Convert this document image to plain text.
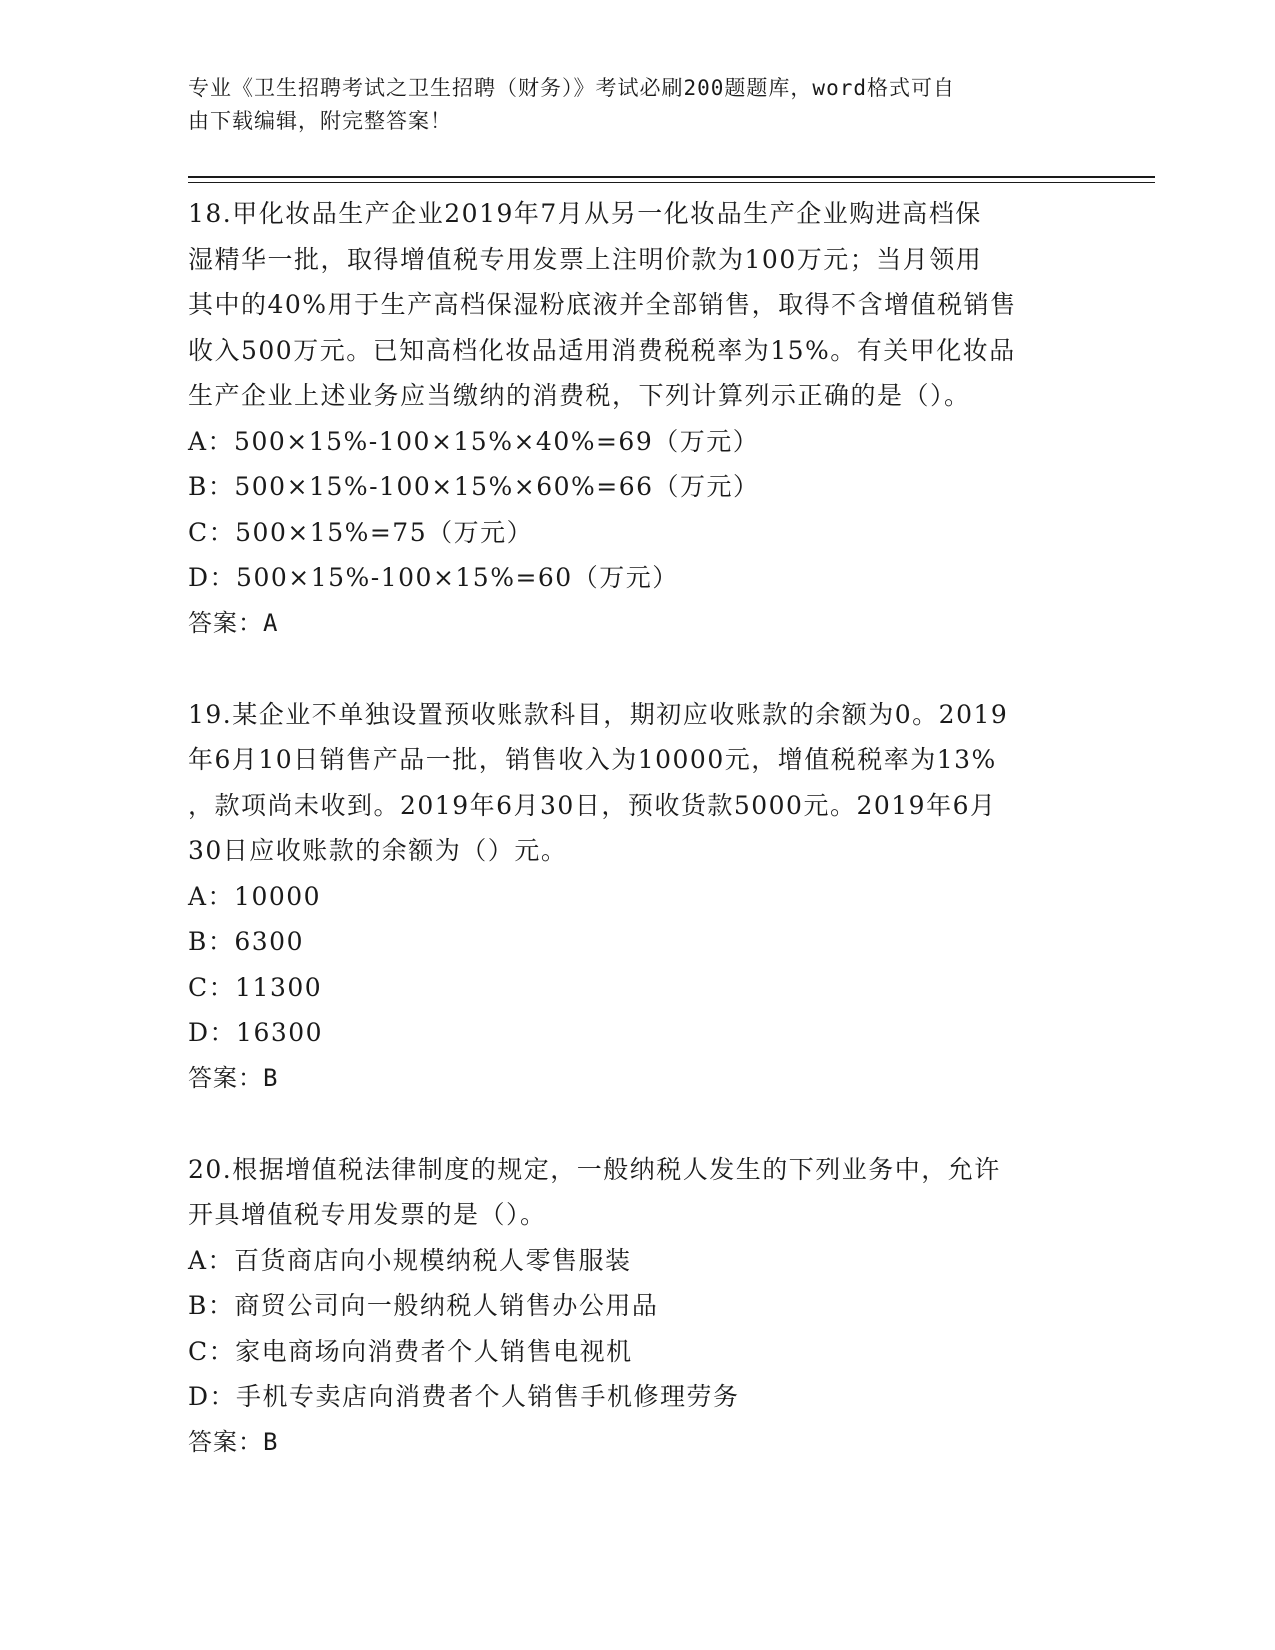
专业《卫生招聘考试之卫生招聘（财务）》考试必刷200题题库，word格式可自
由下载编辑，附完整答案！
18.甲化妆品生产企业2019年7月从另一化妆品生产企业购进高档保
湿精华一批，取得增值税专用发票上注明价款为100万元；当月领用
其中的40%用于生产高档保湿粉底液并全部销售，取得不含增值税销售
收入500万元。已知高档化妆品适用消费税税率为15%。有关甲化妆品
生产企业上述业务应当缴纳的消费税，下列计算列示正确的是（）。
A：500×15%-100×15%×40%=69（万元）
B：500×15%-100×15%×60%=66（万元）
C：500×15%=75（万元）
D：500×15%-100×15%=60（万元）
答案：A
19.某企业不单独设置预收账款科目，期初应收账款的余额为0。2019
年6月10日销售产品一批，销售收入为10000元，增值税税率为13%
，款项尚未收到。2019年6月30日，预收货款5000元。2019年6月
30日应收账款的余额为（）元。
A：10000
B：6300
C：11300
D：16300
答案：B
20.根据增值税法律制度的规定，一般纳税人发生的下列业务中，允许
开具增值税专用发票的是（）。
A：百货商店向小规模纳税人零售服装
B：商贸公司向一般纳税人销售办公用品
C：家电商场向消费者个人销售电视机
D：手机专卖店向消费者个人销售手机修理劳务
答案：B
